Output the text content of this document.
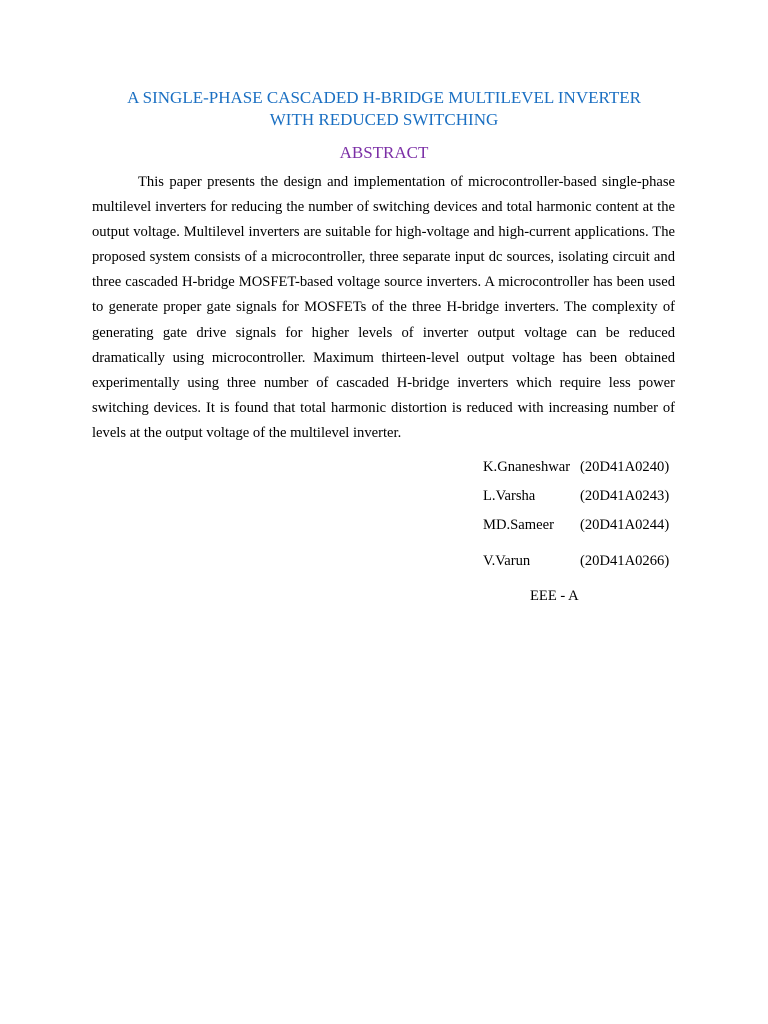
A SINGLE-PHASE CASCADED H-BRIDGE MULTILEVEL INVERTER
WITH REDUCED SWITCHING
ABSTRACT

This paper presents the design and implementation of microcontroller-based single-phase multilevel inverters for reducing the number of switching devices and total harmonic content at the output voltage. Multilevel inverters are suitable for high-voltage and high-current applications. The proposed system consists of a microcontroller, three separate input dc sources, isolating circuit and three cascaded H-bridge MOSFET-based voltage source inverters. A microcontroller has been used to generate proper gate signals for MOSFETs of the three H-bridge inverters. The complexity of generating gate drive signals for higher levels of inverter output voltage can be reduced dramatically using microcontroller. Maximum thirteen-level output voltage has been obtained experimentally using three number of cascaded H-bridge inverters which require less power switching devices. It is found that total harmonic distortion is reduced with increasing number of levels at the output voltage of the multilevel inverter.

K.Gnaneshwar (20D41A0240)
L.Varsha	(20D41A0243)
MD.Sameer (20D41A0244)
V.Varun	(20D41A0266)
EEE - A
